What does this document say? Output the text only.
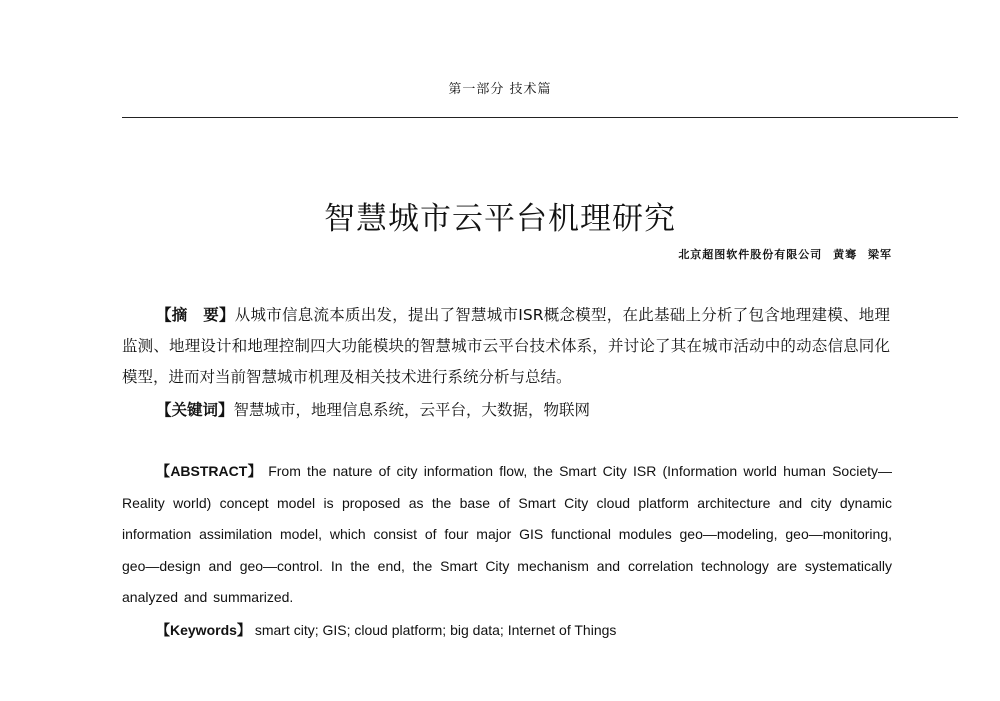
第一部分 技术篇
智慧城市云平台机理研究
北京超图软件股份有限公司 黄骞 梁军

【摘　要】从城市信息流本质出发，提出了智慧城市ISR概念模型，在此基础上分析了包含地理建模、地理监测、地理设计和地理控制四大功能模块的智慧城市云平台技术体系，并讨论了其在城市活动中的动态信息同化模型，进而对当前智慧城市机理及相关技术进行系统分析与总结。

【关键词】智慧城市，地理信息系统，云平台，大数据，物联网

【ABSTRACT】 From the nature of city information flow, the Smart City ISR (Information world human Society—Reality world) concept model is proposed as the base of Smart City cloud platform architecture and city dynamic information assimilation model, which consist of four major GIS functional modules geo—modeling, geo—monitoring, geo—design and geo—control. In the end, the Smart City mechanism and correlation technology are systematically analyzed and summarized.

【Keywords】 smart city; GIS; cloud platform; big data; Internet of Things
